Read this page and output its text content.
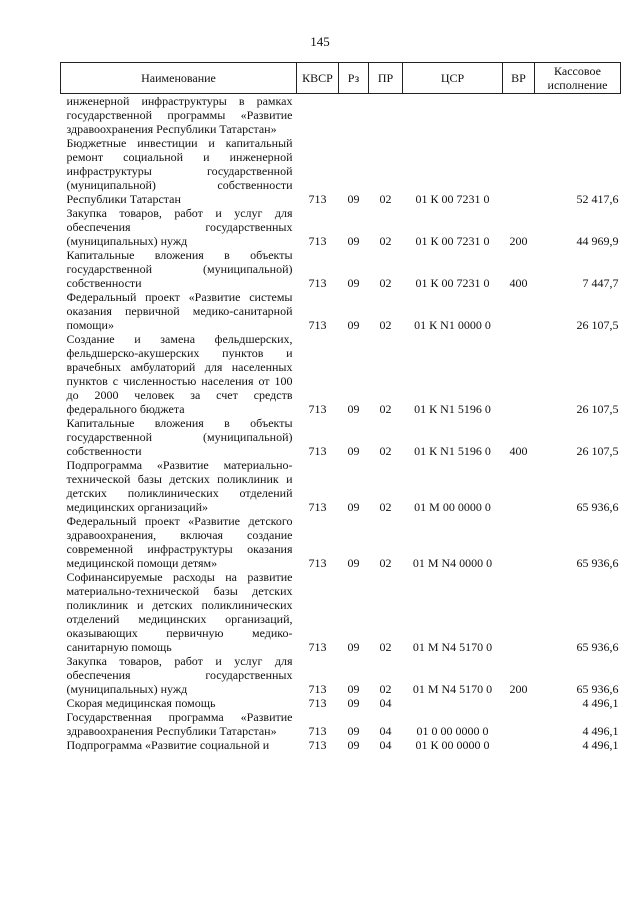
145
Наименование	КВСР	Рз	ПР	ЦСР	ВР	Кассовое
исполнение
инженерной инфраструктуры в рамках государственной программы «Развитие здравоохранения Республики Татарстан»						
Бюджетные инвестиции и капитальный ремонт социальной и инженерной инфраструктуры государственной (муниципальной) собственности Республики Татарстан	713	09	02	01 К 00 7231 0		52 417,6
Закупка товаров, работ и услуг для обеспечения государственных (муниципальных) нужд	713	09	02	01 К 00 7231 0	200	44 969,9
Капитальные вложения в объекты государственной (муниципальной) собственности	713	09	02	01 К 00 7231 0	400	7 447,7
Федеральный проект «Развитие системы оказания первичной медико-санитарной помощи»	713	09	02	01 К N1 0000 0		26 107,5
Создание и замена фельдшерских, фельдшерско-акушерских пунктов и врачебных амбулаторий для населенных пунктов с численностью населения от 100 до 2000 человек за счет средств федерального бюджета	713	09	02	01 К N1 5196 0		26 107,5
Капитальные вложения в объекты государственной (муниципальной) собственности	713	09	02	01 К N1 5196 0	400	26 107,5
Подпрограмма «Развитие материально-технической базы детских поликлиник и детских поликлинических отделений медицинских организаций»	713	09	02	01 М 00 0000 0		65 936,6
Федеральный проект «Развитие детского здравоохранения, включая создание современной инфраструктуры оказания медицинской помощи детям»	713	09	02	01 М N4 0000 0		65 936,6
Софинансируемые расходы на развитие материально-технической базы детских поликлиник и детских поликлинических отделений медицинских организаций, оказывающих первичную медико-санитарную помощь	713	09	02	01 М N4 5170 0		65 936,6
Закупка товаров, работ и услуг для обеспечения государственных (муниципальных) нужд	713	09	02	01 М N4 5170 0	200	65 936,6
Скорая медицинская помощь	713	09	04			4 496,1
Государственная программа «Развитие здравоохранения Республики Татарстан»	713	09	04	01 0 00 0000 0		4 496,1
Подпрограмма «Развитие социальной и	713	09	04	01 К 00 0000 0		4 496,1
